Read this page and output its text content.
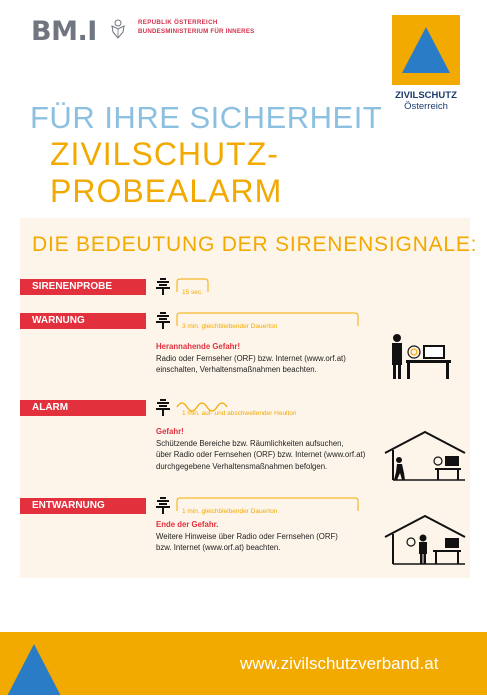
BM.I	REPUBLIK ÖSTERREICH
BUNDESMINISTERIUM FÜR INNERES
ZIVILSCHUTZ
Österreich
FÜR IHRE SICHERHEIT
ZIVILSCHUTZ-PROBEALARM
DIE BEDEUTUNG DER SIRENENSIGNALE:
SIRENENPROBE
15 sec.
WARNUNG
3 min. gleichbleibender Dauerton
Herannahende Gefahr!
Radio oder Fernseher (ORF) bzw. Internet (www.orf.at)
einschalten, Verhaltensmaßnahmen beachten.
ALARM
1 min. auf- und abschwellender Heulton
Gefahr!
Schützende Bereiche bzw. Räumlichkeiten aufsuchen,
über Radio oder Fernsehen (ORF) bzw. Internet (www.orf.at)
durchgegebene Verhaltensmaßnahmen befolgen.
ENTWARNUNG
1 min. gleichbleibender Dauerton
Ende der Gefahr.
Weitere Hinweise über Radio oder Fernsehen (ORF)
bzw. Internet (www.orf.at) beachten.
www.zivilschutzverband.at
